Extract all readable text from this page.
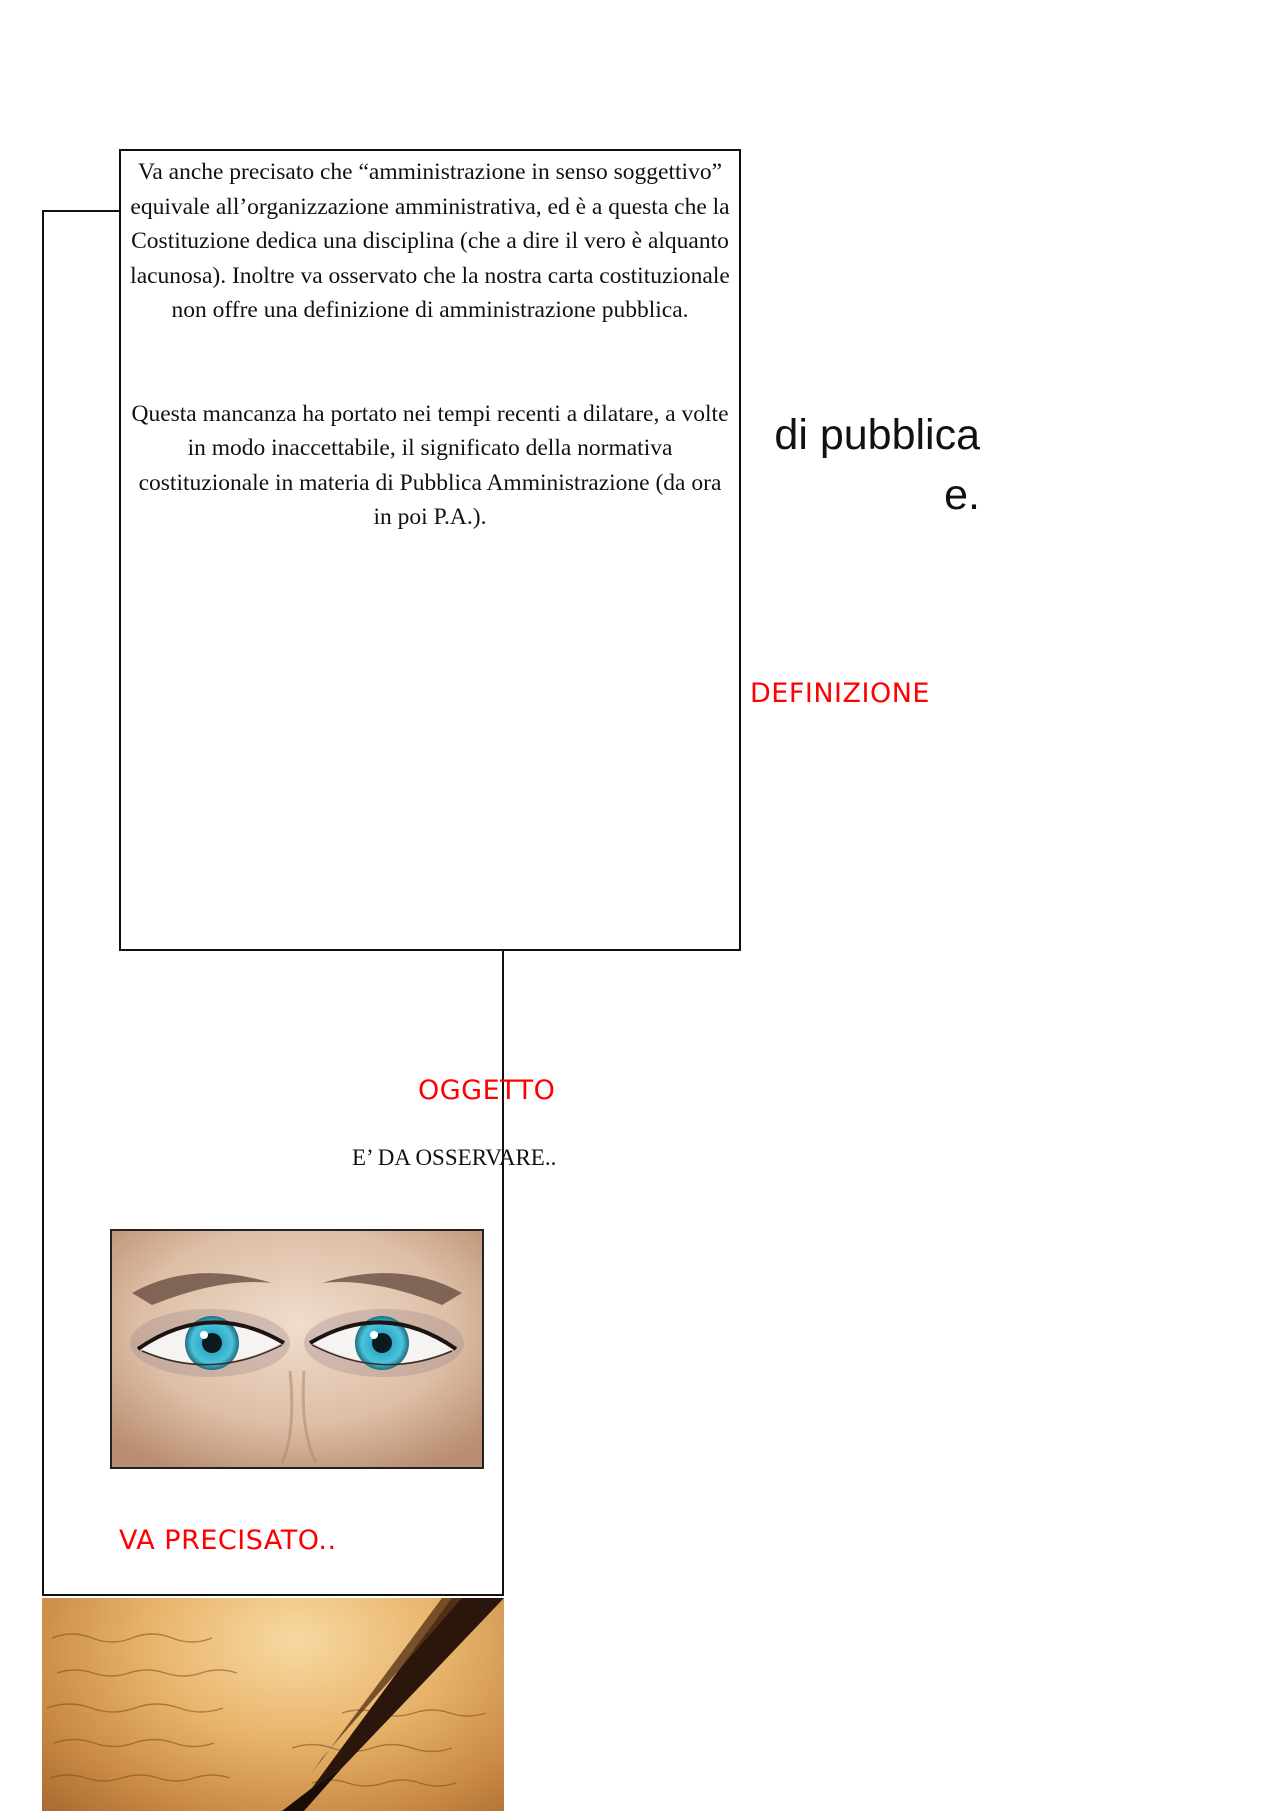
di pubblica
e.
DEFINIZIONE

Va anche precisato che “amministrazione in senso soggettivo” equivale all’organizzazione amministrativa, ed è a questa che la Costituzione dedica una disciplina (che a dire il vero è alquanto lacunosa). Inoltre va osservato che la nostra carta costituzionale non offre una definizione di amministrazione pubblica.

Questa mancanza ha portato nei tempi recenti a dilatare, a volte in modo inaccettabile, il significato della normativa costituzionale in materia di Pubblica Amministrazione (da ora in poi P.A.).

OGGETTO
E’ DA OSSERVARE..
VA PRECISATO..
